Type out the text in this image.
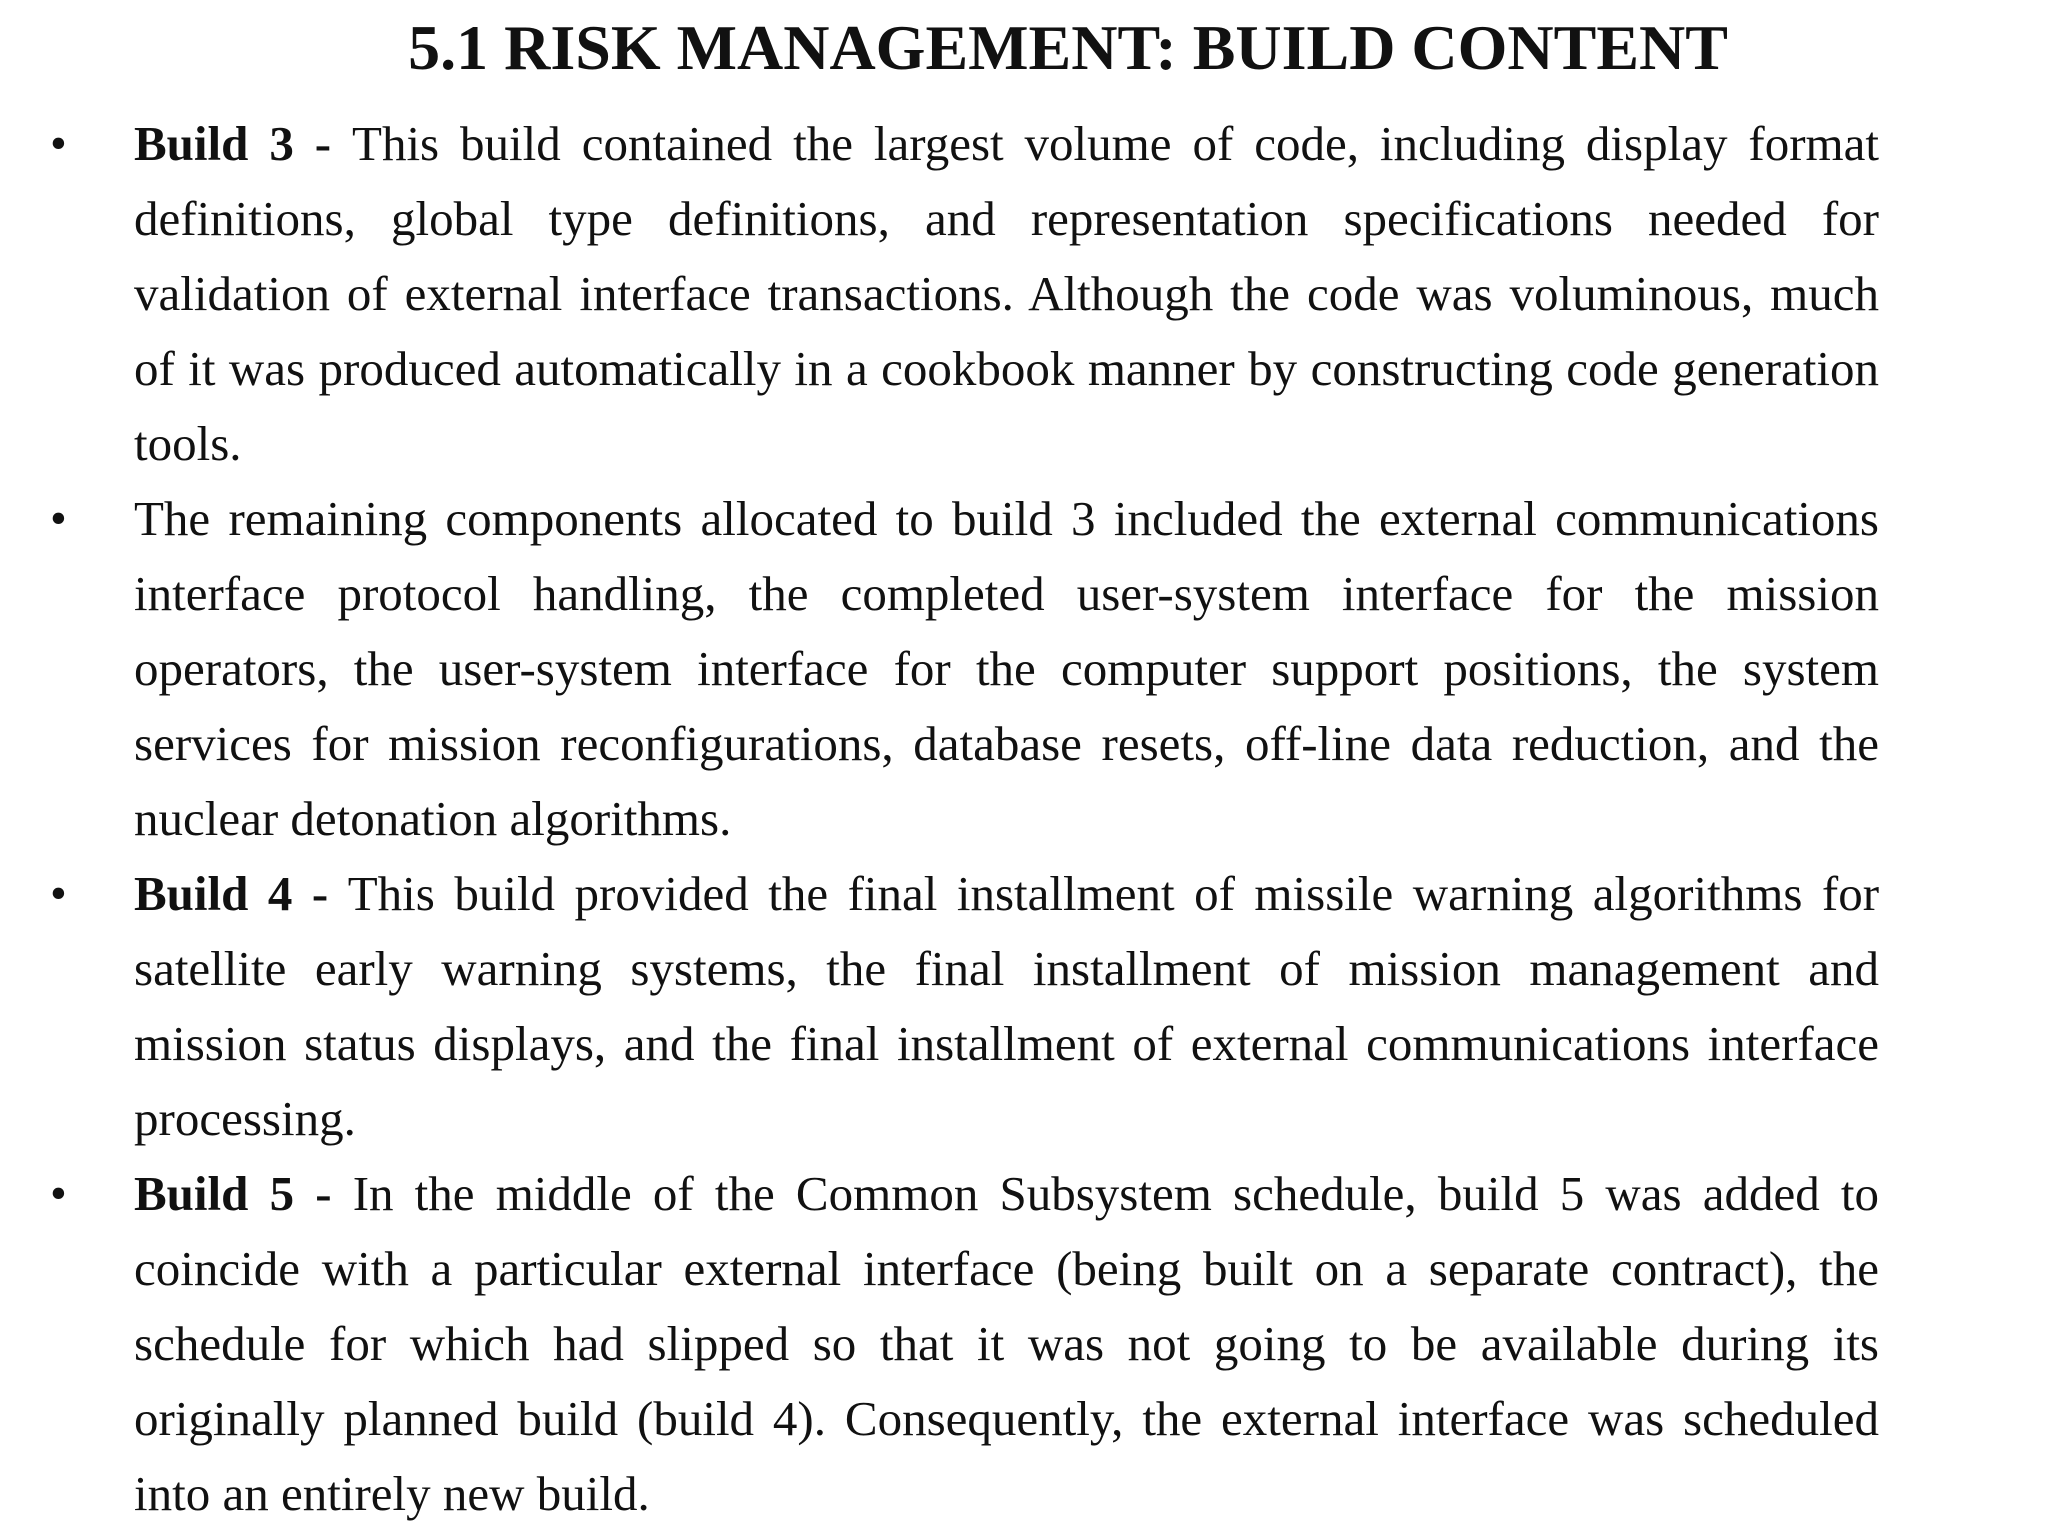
5.1 RISK MANAGEMENT: BUILD CONTENT
• Build 3 - This build contained the largest volume of code, including display format definitions, global type definitions, and representation specifications needed for validation of external interface transactions. Although the code was voluminous, much of it was produced automatically in a cookbook manner by constructing code generation tools.
• The remaining components allocated to build 3 included the external communications interface protocol handling, the completed user-system interface for the mission operators, the user-system interface for the computer support positions, the system services for mission reconfigurations, database resets, off-line data reduction, and the nuclear detonation algorithms.
• Build 4 - This build provided the final installment of missile warning algorithms for satellite early warning systems, the final installment of mission management and mission status displays, and the final installment of external communications interface processing.
• Build 5 - In the middle of the Common Subsystem schedule, build 5 was added to coincide with a particular external interface (being built on a separate contract), the schedule for which had slipped so that it was not going to be available during its originally planned build (build 4). Consequently, the external interface was scheduled into an entirely new build.
